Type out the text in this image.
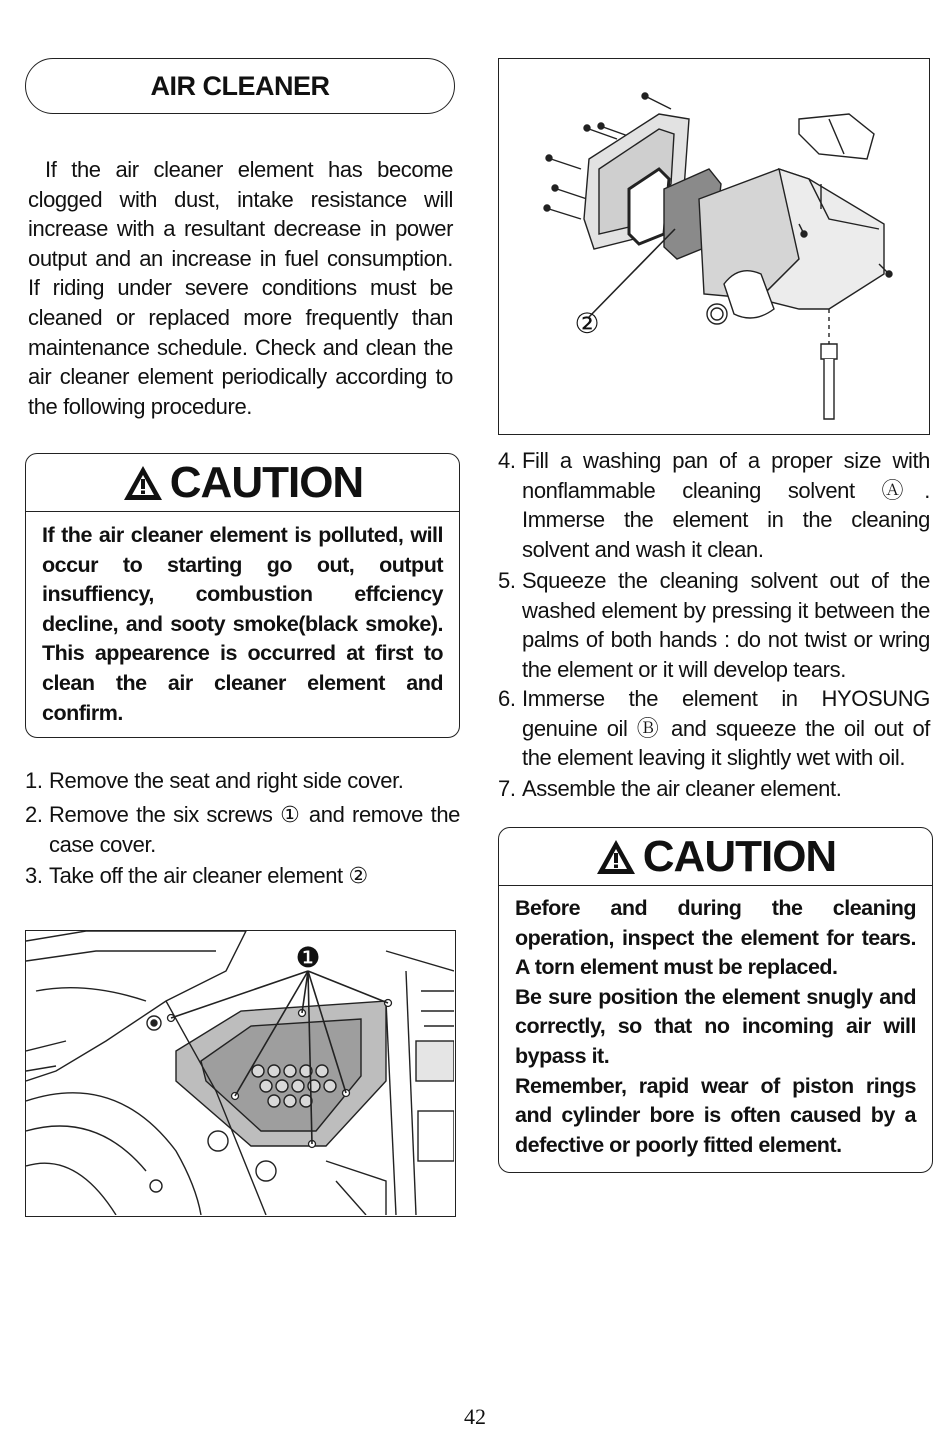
AIR CLEANER

If the air cleaner element has become clogged with dust, intake resistance will increase with a resultant decrease in power output and an increase in fuel consumption. If riding under severe conditions must be cleaned or replaced more frequently than maintenance schedule. Check and clean the air cleaner element periodically according to the following procedure.

CAUTION

If the air cleaner element is polluted, will occur to starting go out, output insuffiency, combustion effciency decline, and sooty smoke(black smoke). This appearence is occurred at first to clean the air cleaner element and confirm.

1. Remove the seat and right side cover.

2. Remove the six screws ① and remove the case cover.

3. Take off the air cleaner element ②

❶
②

4. Fill a washing pan of a proper size with nonflammable cleaning solvent Ⓐ. Immerse the element in the cleaning solvent and wash it clean.

5. Squeeze the cleaning solvent out of the washed element by pressing it between the palms of both hands : do not twist or wring the element or it will develop tears.

6. Immerse the element in HYOSUNG genuine oil Ⓑ and squeeze the oil out of the element leaving it slightly wet with oil.

7. Assemble the air cleaner element.

CAUTION

Before and during the cleaning operation, inspect the element for tears. A torn element must be replaced.

Be sure position the element snugly and correctly, so that no incoming air will bypass it.

Remember, rapid wear of piston rings and cylinder bore is often caused by a defective or poorly fitted element.

42
